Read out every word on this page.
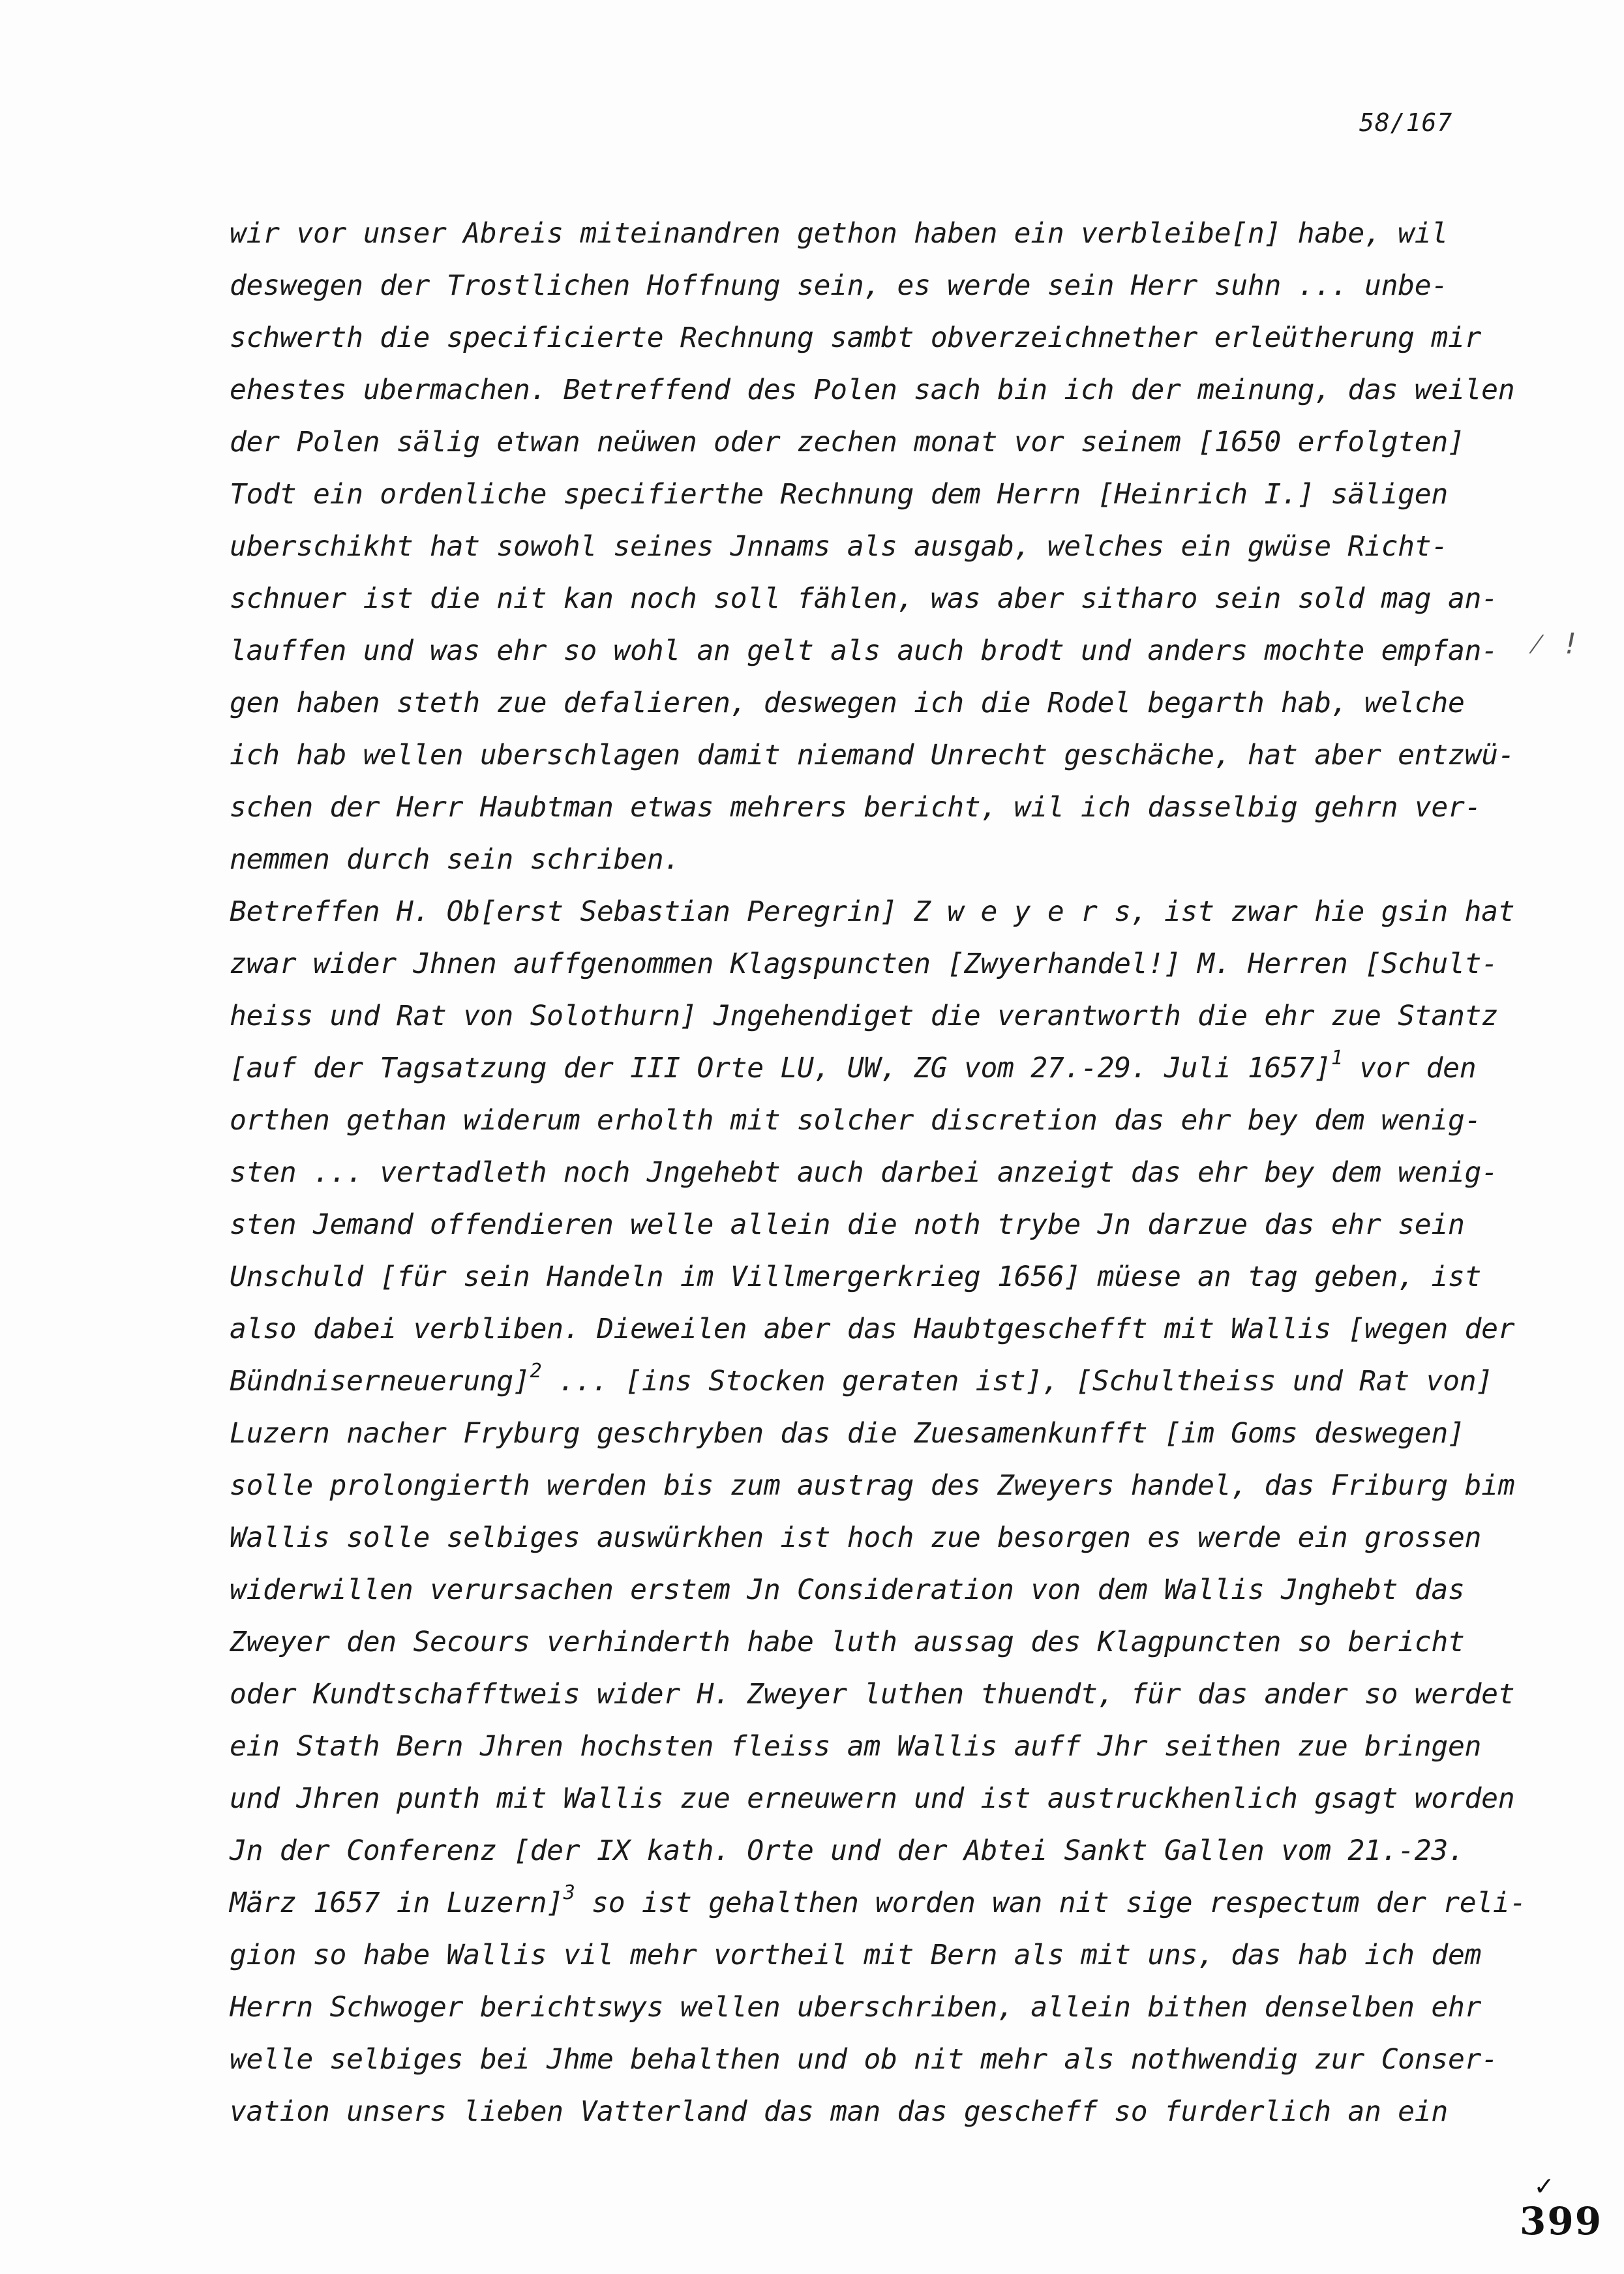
58/167
wir vor unser Abreis miteinandren gethon haben ein verbleibe[n] habe, wil
deswegen der Trostlichen Hoffnung sein, es werde sein Herr suhn ... unbe-
schwerth die specificierte Rechnung sambt obverzeichnether erleütherung mir
ehestes ubermachen. Betreffend des Polen sach bin ich der meinung, das weilen
der Polen sälig etwan neüwen oder zechen monat vor seinem [1650 erfolgten]
Todt ein ordenliche specifierthe Rechnung dem Herrn [Heinrich I.] säligen
uberschikht hat sowohl seines Jnnams als ausgab, welches ein gwüse Richt-
schnuer ist die nit kan noch soll fählen, was aber sitharo sein sold mag an-
lauffen und was ehr so wohl an gelt als auch brodt und anders mochte empfan-
gen haben steth zue defalieren, deswegen ich die Rodel begarth hab, welche
ich hab wellen uberschlagen damit niemand Unrecht geschäche, hat aber entzwü-
schen der Herr Haubtman etwas mehrers bericht, wil ich dasselbig gehrn ver-
nemmen durch sein schriben.
Betreffen H. Ob[erst Sebastian Peregrin] Z w e y e r s, ist zwar hie gsin hat
zwar wider Jhnen auffgenommen Klagspuncten [Zwyerhandel!] M. Herren [Schult-
heiss und Rat von Solothurn] Jngehendiget die verantworth die ehr zue Stantz
[auf der Tagsatzung der III Orte LU, UW, ZG vom 27.-29. Juli 1657]$^1$ vor den
orthen gethan widerum erholth mit solcher discretion das ehr bey dem wenig-
sten ... vertadleth noch Jngehebt auch darbei anzeigt das ehr bey dem wenig-
sten Jemand offendieren welle allein die noth trybe Jn darzue das ehr sein
Unschuld [für sein Handeln im Villmergerkrieg 1656] müese an tag geben, ist
also dabei verbliben. Dieweilen aber das Haubtgeschefft mit Wallis [wegen der
Bündniserneuerung]$^2$ ... [ins Stocken geraten ist], [Schultheiss und Rat von]
Luzern nacher Fryburg geschryben das die Zuesamenkunfft [im Goms deswegen]
solle prolongierth werden bis zum austrag des Zweyers handel, das Friburg bim
Wallis solle selbiges auswürkhen ist hoch zue besorgen es werde ein grossen
widerwillen verursachen erstem Jn Consideration von dem Wallis Jnghebt das
Zweyer den Secours verhinderth habe luth aussag des Klagpuncten so bericht
oder Kundtschafftweis wider H. Zweyer luthen thuendt, für das ander so werdet
ein Stath Bern Jhren hochsten fleiss am Wallis auff Jhr seithen zue bringen
und Jhren punth mit Wallis zue erneuwern und ist austruckhenlich gsagt worden
Jn der Conferenz [der IX kath. Orte und der Abtei Sankt Gallen vom 21.-23.
März 1657 in Luzern]$^3$ so ist gehalthen worden wan nit sige respectum der reli-
gion so habe Wallis vil mehr vortheil mit Bern als mit uns, das hab ich dem
Herrn Schwoger berichtswys wellen uberschriben, allein bithen denselben ehr
welle selbiges bei Jhme behalthen und ob nit mehr als nothwendig zur Conser-
vation unsers lieben Vatterland das man das gescheff so furderlich an ein
⁄ !
✓
399
